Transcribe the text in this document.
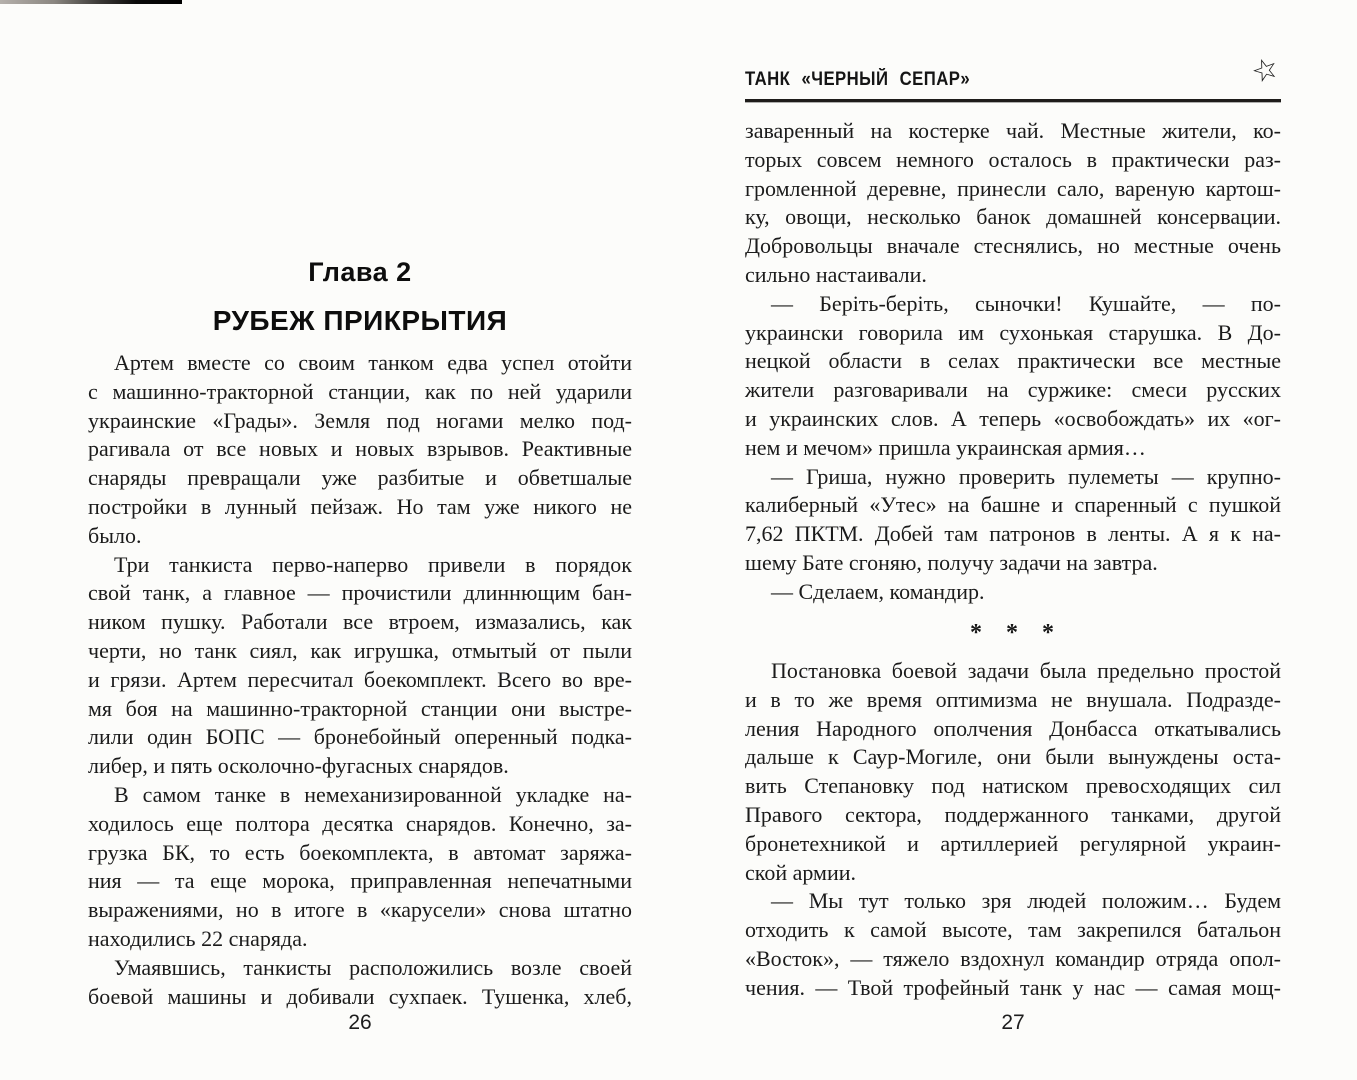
Глава 2
РУБЕЖ ПРИКРЫТИЯ
Артем вместе со своим танком едва успел отойти
с машинно-тракторной станции, как по ней ударили
украинские «Грады». Земля под ногами мелко под-
рагивала от все новых и новых взрывов. Реактивные
снаряды превращали уже разбитые и обветшалые
постройки в лунный пейзаж. Но там уже никого не
было.
Три танкиста перво-наперво привели в порядок
свой танк, а главное — прочистили длиннющим бан-
ником пушку. Работали все втроем, измазались, как
черти, но танк сиял, как игрушка, отмытый от пыли
и грязи. Артем пересчитал боекомплект. Всего во вре-
мя боя на машинно-тракторной станции они выстре-
лили один БОПС — бронебойный оперенный подка-
либер, и пять осколочно-фугасных снарядов.
В самом танке в немеханизированной укладке на-
ходилось еще полтора десятка снарядов. Конечно, за-
грузка БК, то есть боекомплекта, в автомат заряжа-
ния — та еще морока, приправленная непечатными
выражениями, но в итоге в «карусели» снова штатно
находились 22 снаряда.
Умаявшись, танкисты расположились возле своей
боевой машины и добивали сухпаек. Тушенка, хлеб,
26
ТАНК «ЧЕРНЫЙ СЕПАР»	☆
заваренный на костерке чай. Местные жители, ко-
торых совсем немного осталось в практически раз-
громленной деревне, принесли сало, вареную картош-
ку, овощи, несколько банок домашней консервации.
Добровольцы вначале стеснялись, но местные очень
сильно настаивали.
— Беріть-беріть, сыночки! Кушайте, — по-
украински говорила им сухонькая старушка. В До-
нецкой области в селах практически все местные
жители разговаривали на суржике: смеси русских
и украинских слов. А теперь «освобождать» их «ог-
нем и мечом» пришла украинская армия…
— Гриша, нужно проверить пулеметы — крупно-
калиберный «Утес» на башне и спаренный с пушкой
7,62 ПКТМ. Добей там патронов в ленты. А я к на-
шему Бате сгоняю, получу задачи на завтра.
— Сделаем, командир.
* * *
Постановка боевой задачи была предельно простой
и в то же время оптимизма не внушала. Подразде-
ления Народного ополчения Донбасса откатывались
дальше к Саур-Могиле, они были вынуждены оста-
вить Степановку под натиском превосходящих сил
Правого сектора, поддержанного танками, другой
бронетехникой и артиллерией регулярной украин-
ской армии.
— Мы тут только зря людей положим… Будем
отходить к самой высоте, там закрепился батальон
«Восток», — тяжело вздохнул командир отряда опол-
чения. — Твой трофейный танк у нас — самая мощ-
27
